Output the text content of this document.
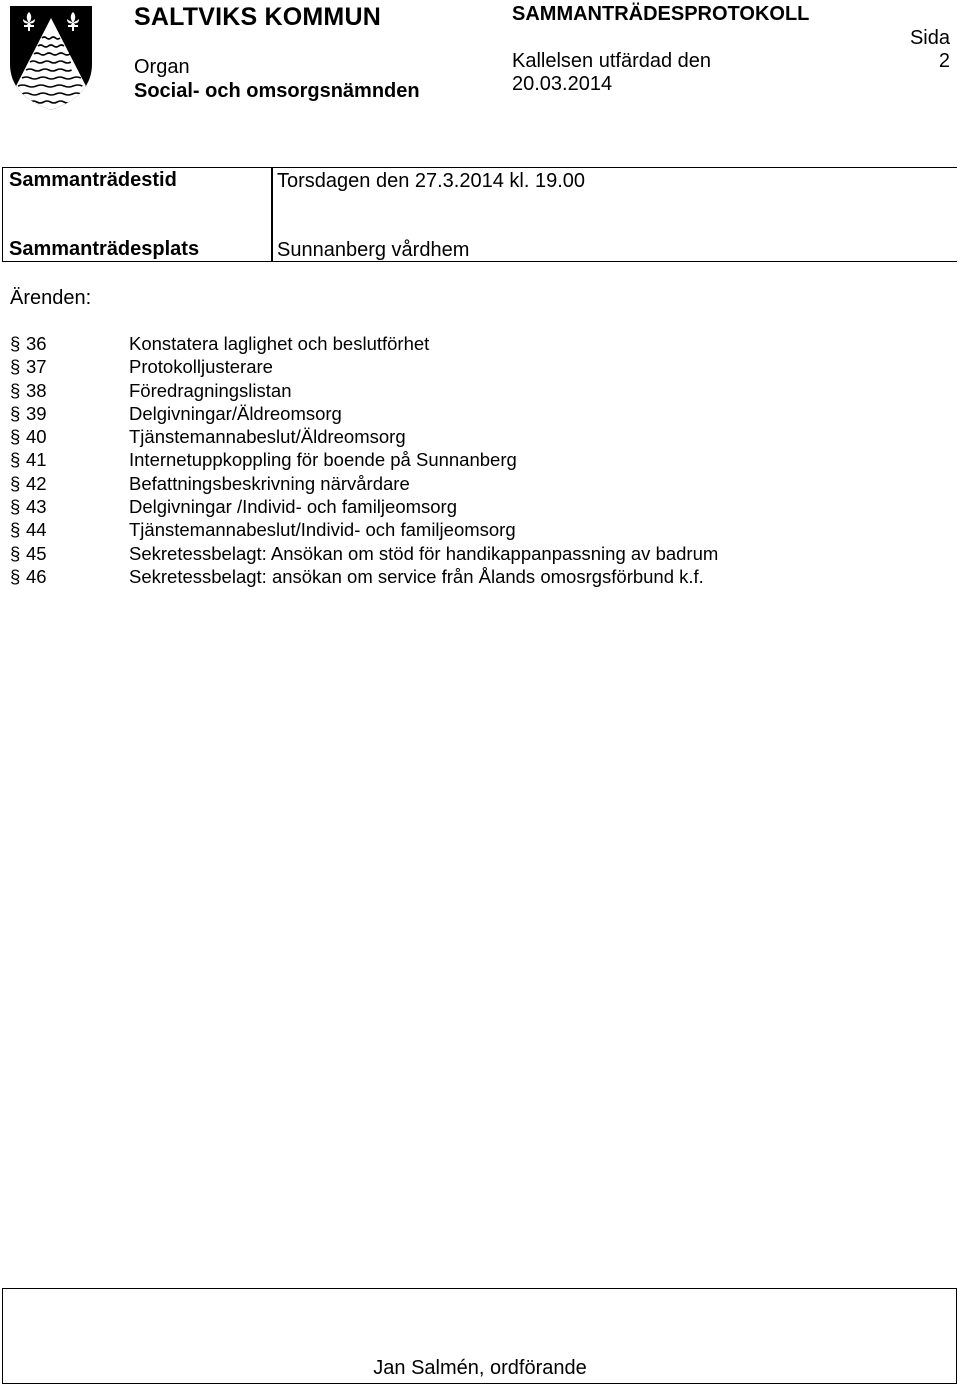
SALTVIKS KOMMUN
Organ
Social- och omsorgsnämnden
SAMMANTRÄDESPROTOKOLL
Kallelsen utfärdad den
20.03.2014
Sida
2
Sammanträdestid	Torsdagen den 27.3.2014 kl. 19.00
Sammanträdesplats	Sunnanberg vårdhem
Ärenden:
§ 36	Konstatera laglighet och beslutförhet
§ 37	Protokolljusterare
§ 38	Föredragningslistan
§ 39	Delgivningar/Äldreomsorg
§ 40	Tjänstemannabeslut/Äldreomsorg
§ 41	Internetuppkoppling för boende på Sunnanberg
§ 42	Befattningsbeskrivning närvårdare
§ 43	Delgivningar /Individ- och familjeomsorg
§ 44	Tjänstemannabeslut/Individ- och familjeomsorg
§ 45	Sekretessbelagt: Ansökan om stöd för handikappanpassning av badrum
§ 46	Sekretessbelagt: ansökan om service från Ålands omosrgsförbund k.f.
Jan Salmén, ordförande
